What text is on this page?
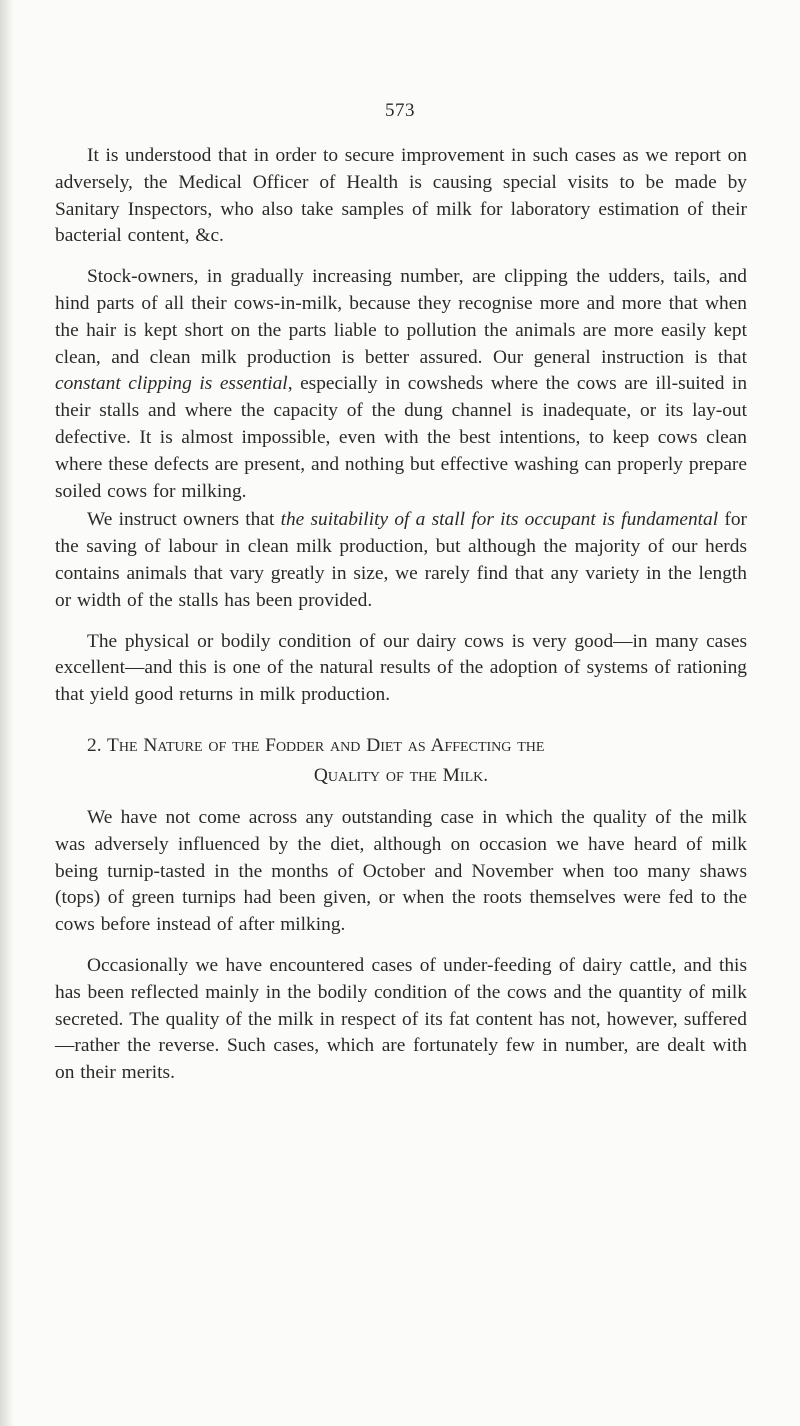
573

It is understood that in order to secure improvement in such cases as we report on adversely, the Medical Officer of Health is causing special visits to be made by Sanitary Inspectors, who also take samples of milk for laboratory estimation of their bacterial content, &c.

Stock-owners, in gradually increasing number, are clipping the udders, tails, and hind parts of all their cows-in-milk, because they recognise more and more that when the hair is kept short on the parts liable to pollution the animals are more easily kept clean, and clean milk production is better assured. Our general instruction is that constant clipping is essential, especially in cowsheds where the cows are ill-suited in their stalls and where the capacity of the dung channel is inadequate, or its lay-out defective. It is almost impossible, even with the best intentions, to keep cows clean where these defects are present, and nothing but effective washing can properly prepare soiled cows for milking.

We instruct owners that the suitability of a stall for its occupant is fundamental for the saving of labour in clean milk production, but although the majority of our herds contains animals that vary greatly in size, we rarely find that any variety in the length or width of the stalls has been provided.

The physical or bodily condition of our dairy cows is very good—in many cases excellent—and this is one of the natural results of the adoption of systems of rationing that yield good returns in milk production.

2. The Nature of the Fodder and Diet as Affecting the
Quality of the Milk.

We have not come across any outstanding case in which the quality of the milk was adversely influenced by the diet, although on occasion we have heard of milk being turnip-tasted in the months of October and November when too many shaws (tops) of green turnips had been given, or when the roots themselves were fed to the cows before instead of after milking.

Occasionally we have encountered cases of under-feeding of dairy cattle, and this has been reflected mainly in the bodily condition of the cows and the quantity of milk secreted. The quality of the milk in respect of its fat content has not, however, suffered—rather the reverse. Such cases, which are fortunately few in number, are dealt with on their merits.
